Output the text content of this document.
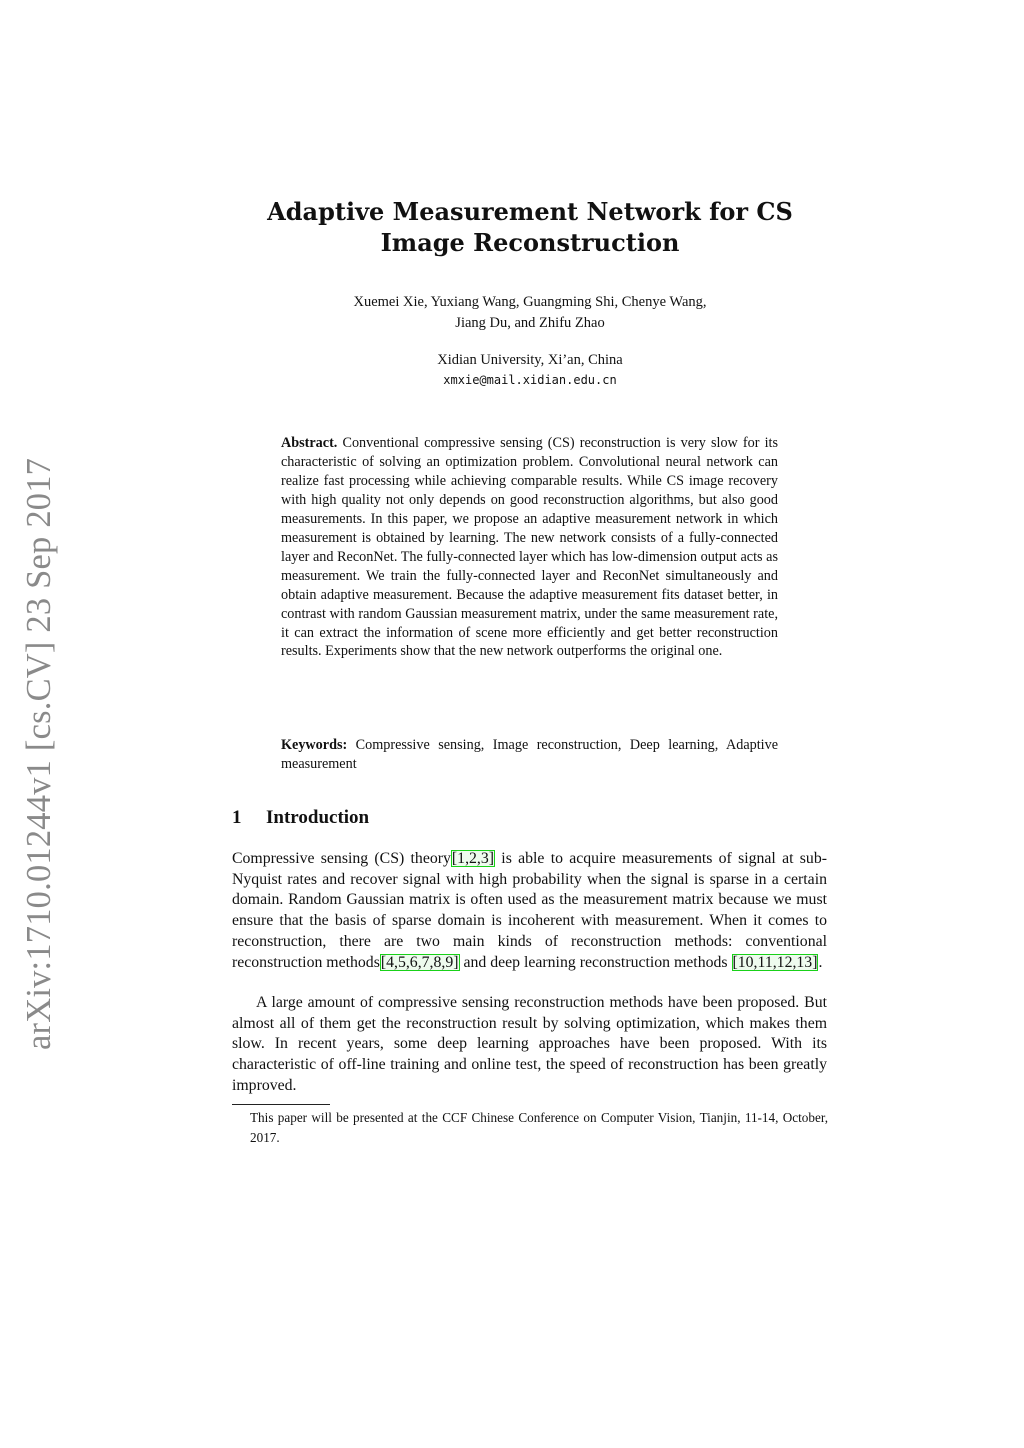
arXiv:1710.01244v1 [cs.CV] 23 Sep 2017
Adaptive Measurement Network for CS
Image Reconstruction
Xuemei Xie, Yuxiang Wang, Guangming Shi, Chenye Wang,
Jiang Du, and Zhifu Zhao
Xidian University, Xi’an, China
xmxie@mail.xidian.edu.cn
Abstract. Conventional compressive sensing (CS) reconstruction is very slow for its characteristic of solving an optimization problem. Convolutional neural network can realize fast processing while achieving comparable results. While CS image recovery with high quality not only depends on good reconstruction algorithms, but also good measurements. In this paper, we propose an adaptive measurement network in which measurement is obtained by learning. The new network consists of a fully-connected layer and ReconNet. The fully-connected layer which has low-dimension output acts as measurement. We train the fully-connected layer and ReconNet simultaneously and obtain adaptive measurement. Because the adaptive measurement fits dataset better, in contrast with random Gaussian measurement matrix, under the same measurement rate, it can extract the information of scene more efficiently and get better reconstruction results. Experiments show that the new network outperforms the original one.
Keywords: Compressive sensing, Image reconstruction, Deep learning, Adaptive measurement
1 Introduction

Compressive sensing (CS) theory[1,2,3] is able to acquire measurements of signal at sub-Nyquist rates and recover signal with high probability when the signal is sparse in a certain domain. Random Gaussian matrix is often used as the measurement matrix because we must ensure that the basis of sparse domain is incoherent with measurement. When it comes to reconstruction, there are two main kinds of reconstruction methods: conventional reconstruction methods[4,5,6,7,8,9] and deep learning reconstruction methods [10,11,12,13].

A large amount of compressive sensing reconstruction methods have been proposed. But almost all of them get the reconstruction result by solving optimization, which makes them slow. In recent years, some deep learning approaches have been proposed. With its characteristic of off-line training and online test, the speed of reconstruction has been greatly improved.

This paper will be presented at the CCF Chinese Conference on Computer Vision, Tianjin, 11-14, October, 2017.
